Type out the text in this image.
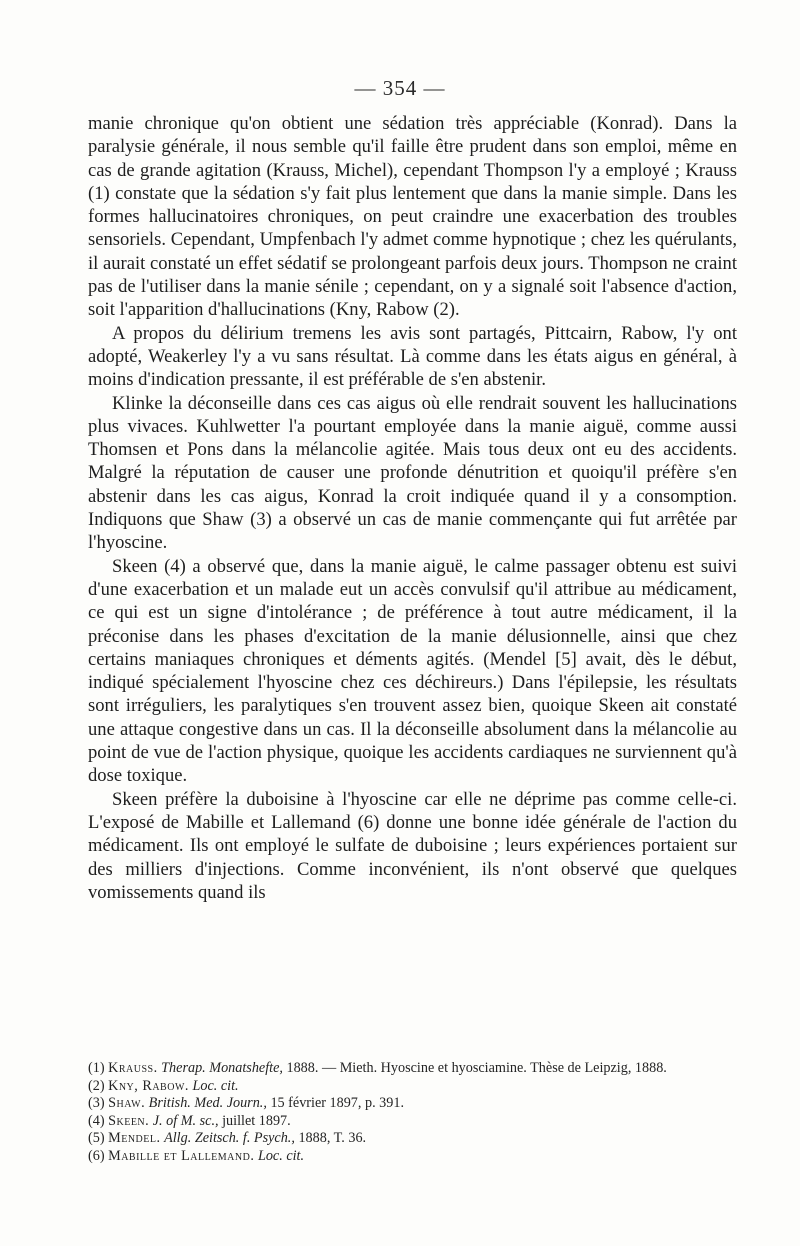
— 354 —

manie chronique qu'on obtient une sédation très appréciable (Konrad). Dans la paralysie générale, il nous semble qu'il faille être prudent dans son emploi, même en cas de grande agitation (Krauss, Michel), cependant Thompson l'y a employé ; Krauss (1) constate que la sédation s'y fait plus lentement que dans la manie simple. Dans les formes hallucinatoires chroniques, on peut craindre une exacerbation des troubles sensoriels. Cependant, Umpfenbach l'y admet comme hypnotique ; chez les quérulants, il aurait constaté un effet sédatif se prolongeant parfois deux jours. Thompson ne craint pas de l'utiliser dans la manie sénile ; cependant, on y a signalé soit l'absence d'action, soit l'apparition d'hallucinations (Kny, Rabow (2).

A propos du délirium tremens les avis sont partagés, Pittcairn, Rabow, l'y ont adopté, Weakerley l'y a vu sans résultat. Là comme dans les états aigus en général, à moins d'indication pressante, il est préférable de s'en abstenir.

Klinke la déconseille dans ces cas aigus où elle rendrait souvent les hallucinations plus vivaces. Kuhlwetter l'a pourtant employée dans la manie aiguë, comme aussi Thomsen et Pons dans la mélancolie agitée. Mais tous deux ont eu des accidents. Malgré la réputation de causer une profonde dénutrition et quoiqu'il préfère s'en abstenir dans les cas aigus, Konrad la croit indiquée quand il y a consomption. Indiquons que Shaw (3) a observé un cas de manie commençante qui fut arrêtée par l'hyoscine.

Skeen (4) a observé que, dans la manie aiguë, le calme passager obtenu est suivi d'une exacerbation et un malade eut un accès convulsif qu'il attribue au médicament, ce qui est un signe d'intolérance ; de préférence à tout autre médicament, il la préconise dans les phases d'excitation de la manie délusionnelle, ainsi que chez certains maniaques chroniques et déments agités. (Mendel [5] avait, dès le début, indiqué spécialement l'hyoscine chez ces déchireurs.) Dans l'épilepsie, les résultats sont irréguliers, les paralytiques s'en trouvent assez bien, quoique Skeen ait constaté une attaque congestive dans un cas. Il la déconseille absolument dans la mélancolie au point de vue de l'action physique, quoique les accidents cardiaques ne surviennent qu'à dose toxique.

Skeen préfère la duboisine à l'hyoscine car elle ne déprime pas comme celle-ci. L'exposé de Mabille et Lallemand (6) donne une bonne idée générale de l'action du médicament. Ils ont employé le sulfate de duboisine ; leurs expériences portaient sur des milliers d'injections. Comme inconvénient, ils n'ont observé que quelques vomissements quand ils

(1) Krauss. Therap. Monatshefte, 1888. — Mieth. Hyoscine et hyosciamine. Thèse de Leipzig, 1888.

(2) Kny, Rabow. Loc. cit.

(3) Shaw. British. Med. Journ., 15 février 1897, p. 391.

(4) Skeen. J. of M. sc., juillet 1897.

(5) Mendel. Allg. Zeitsch. f. Psych., 1888, T. 36.

(6) Mabille et Lallemand. Loc. cit.
